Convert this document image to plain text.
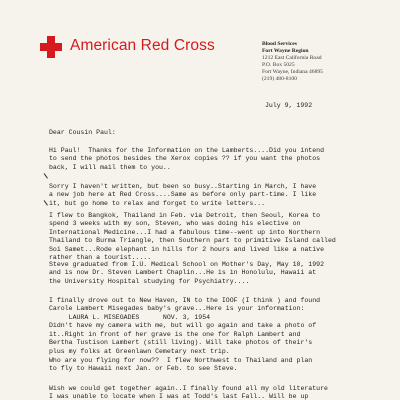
American Red Cross	Blood Services
Fort Wayne Region
1212 East California Road
P.O. Box 5025
Fort Wayne, Indiana 46895
(219) 480-8100
July 9, 1992

Dear Cousin Paul:

Hi Paul!  Thanks for the Information on the Lamberts....Did you intend
to send the photos besides the Xerox copies ?? if you want the photos
back, I will mail them to you..
Sorry I haven't written, but been so busy..Starting in March, I have
a new job here at Red Cross....Same as before only part-time. I like
it, but go home to relax and forget to write letters...
I flew to Bangkok, Thailand in Feb. via Detroit, then Seoul, Korea to
spend 3 weeks with my son, Steven, who was doing his elective on
International Medicine...I had a fabulous time--went up into Northern
Thailand to Burma Triangle, then Southern part to primitive Island called
Soi Samet...Rode elephant in hills for 2 hours and lived like a native
rather than a tourist.....
Steve graduated from I.U. Medical School on Mother's Day, May 10, 1992
and is now Dr. Steven Lambert Chaplin...He is in Honolulu, Hawaii at
the University Hospital studying for Psychiatry....
I finally drove out to New Haven, IN to the IOOF (I think ) and found
Carole Lambert Misegades baby's grave...Here is your information:
LAURA L. MISEGADES      NOV. 3, 1954
Didn't have my camera with me, but will go again and take a photo of
it..Right in front of her grave is the one for Ralph Lambert and
Bertha Tustison Lambert (still living). Will take photos of their's
plus my folks at Greenlawn Cemetary next trip.
Who are you flying for now??  I flew Northwest to Thailand and plan
to fly to Hawaii next Jan. or Feb. to see Steve.
Wish we could get together again..I finally found all my old literature
I was unable to locate when I was at Todd's last Fall.. Will be up
